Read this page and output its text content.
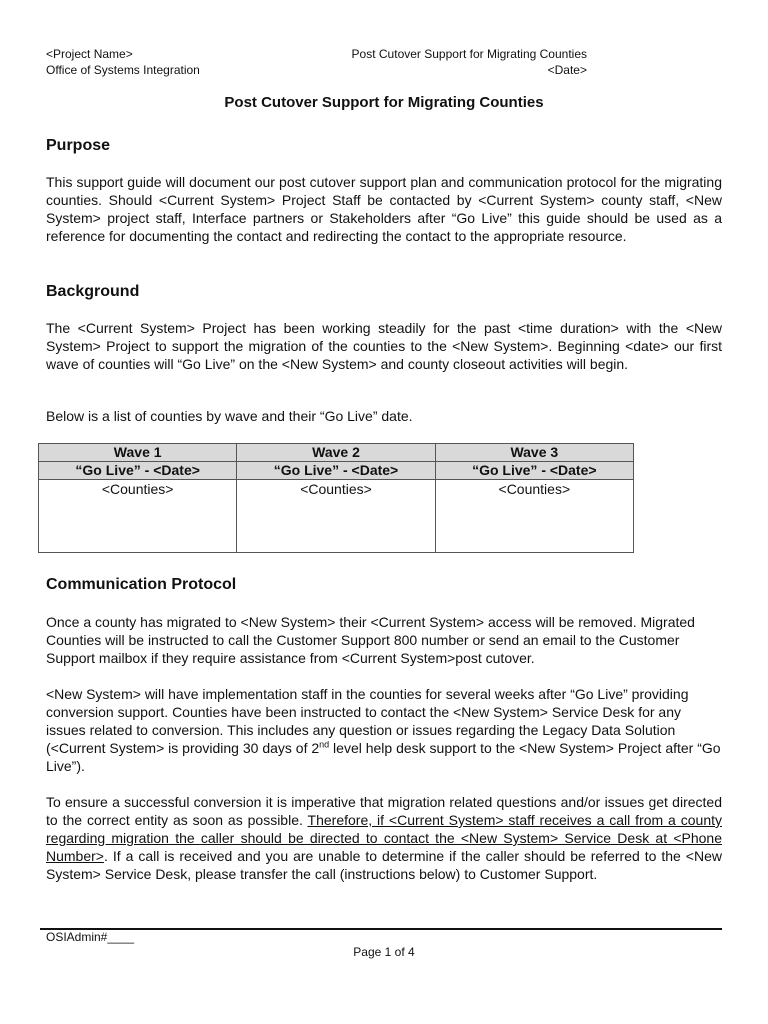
<Project Name>
Office of Systems Integration
Post Cutover Support for Migrating Counties
<Date>
Post Cutover Support for Migrating Counties
Purpose

This support guide will document our post cutover support plan and communication protocol for the migrating counties. Should <Current System> Project Staff be contacted by <Current System> county staff, <New System> project staff, Interface partners or Stakeholders after “Go Live” this guide should be used as a reference for documenting the contact and redirecting the contact to the appropriate resource.

Background

The <Current System> Project has been working steadily for the past <time duration> with the <New System> Project to support the migration of the counties to the <New System>. Beginning <date> our first wave of counties will “Go Live” on the <New System> and county closeout activities will begin.

Below is a list of counties by wave and their “Go Live” date.

Wave 1	Wave 2	Wave 3
“Go Live” - <Date>	“Go Live” - <Date>	“Go Live” - <Date>
<Counties>	<Counties>	<Counties>
Communication Protocol

Once a county has migrated to <New System> their <Current System> access will be removed. Migrated Counties will be instructed to call the Customer Support 800 number or send an email to the Customer Support mailbox if they require assistance from <Current System>post cutover.

<New System> will have implementation staff in the counties for several weeks after “Go Live” providing conversion support. Counties have been instructed to contact the <New System> Service Desk for any issues related to conversion. This includes any question or issues regarding the Legacy Data Solution (<Current System> is providing 30 days of 2nd level help desk support to the <New System> Project after “Go Live”).

To ensure a successful conversion it is imperative that migration related questions and/or issues get directed to the correct entity as soon as possible. Therefore, if <Current System> staff receives a call from a county regarding migration the caller should be directed to contact the <New System> Service Desk at <Phone Number>. If a call is received and you are unable to determine if the caller should be referred to the <New System> Service Desk, please transfer the call (instructions below) to Customer Support.

OSIAdmin#____
Page 1 of 4
